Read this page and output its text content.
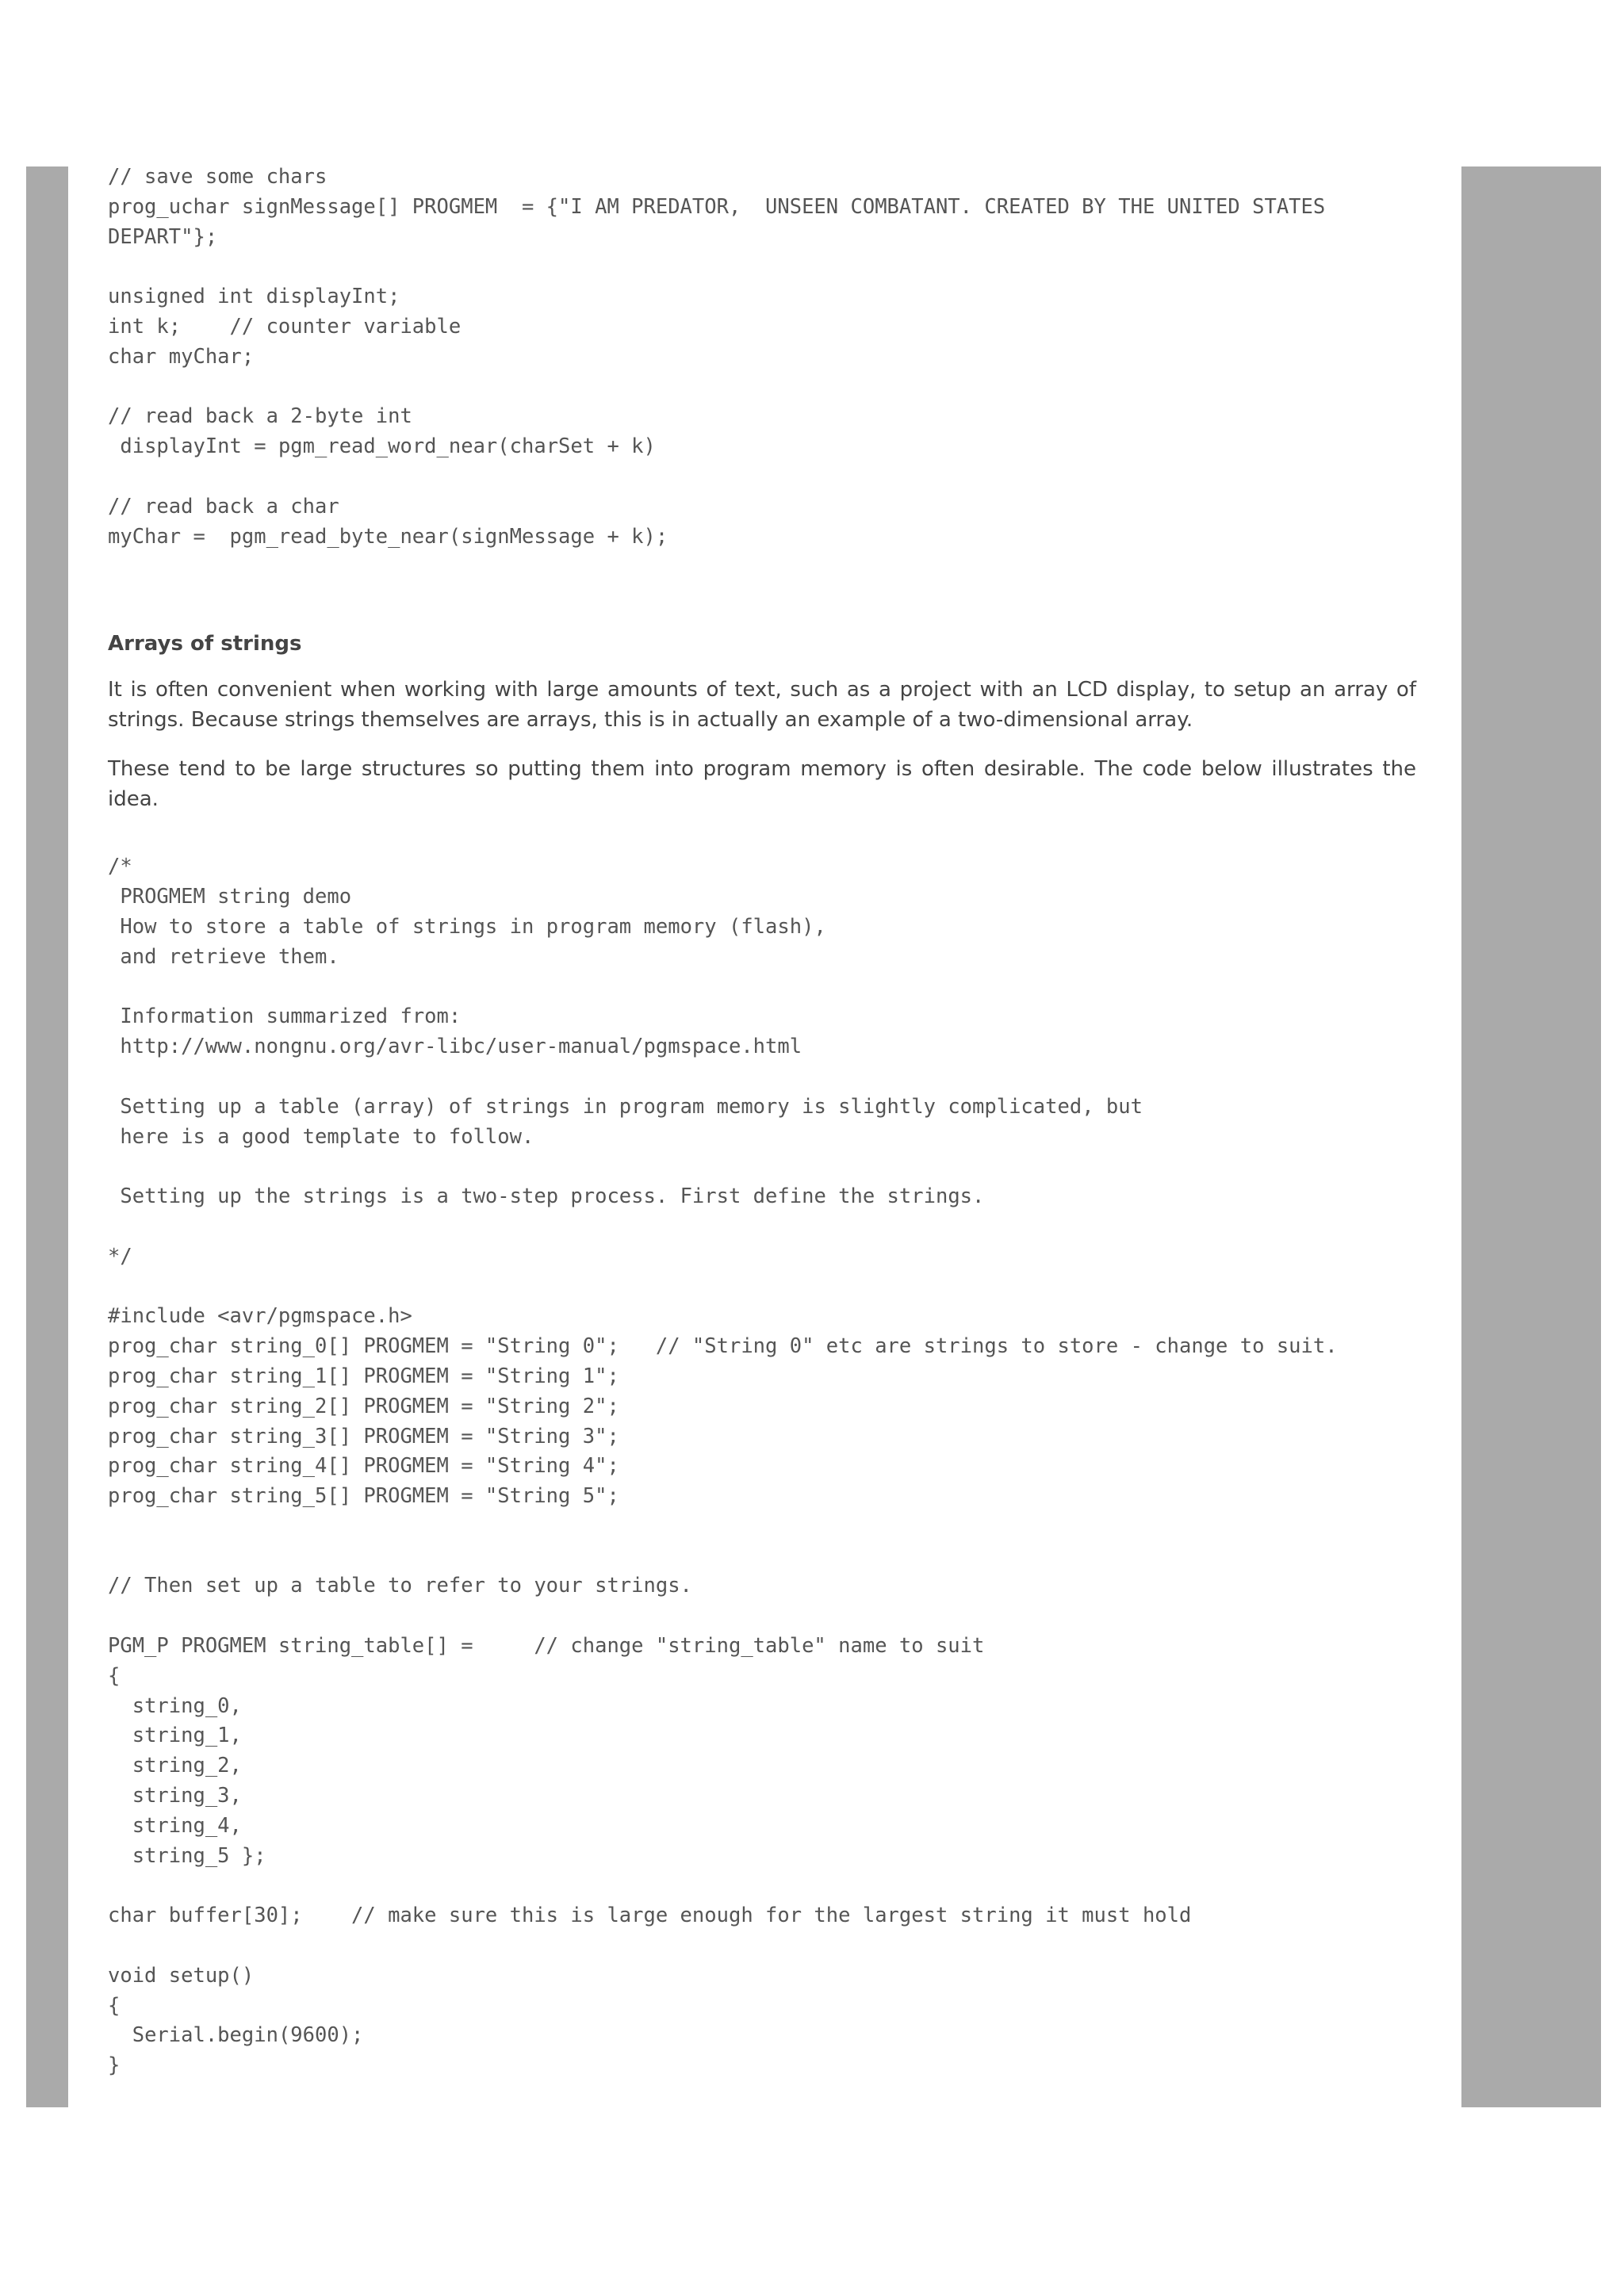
// save some chars
prog_uchar signMessage[] PROGMEM  = {"I AM PREDATOR,  UNSEEN COMBATANT. CREATED BY THE UNITED STATES DEPART"};

unsigned int displayInt;
int k;    // counter variable
char myChar;

// read back a 2-byte int
displayInt = pgm_read_word_near(charSet + k)

// read back a char
myChar =  pgm_read_byte_near(signMessage + k);
Arrays of strings

It is often convenient when working with large amounts of text, such as a project with an LCD display, to setup an array of strings. Because strings themselves are arrays, this is in actually an example of a two-dimensional array.

These tend to be large structures so putting them into program memory is often desirable. The code below illustrates the idea.

/*
PROGMEM string demo
How to store a table of strings in program memory (flash),
and retrieve them.

Information summarized from:
http://www.nongnu.org/avr-libc/user-manual/pgmspace.html

Setting up a table (array) of strings in program memory is slightly complicated, but
here is a good template to follow.

Setting up the strings is a two-step process. First define the strings.

*/

#include <avr/pgmspace.h>
prog_char string_0[] PROGMEM = "String 0";   // "String 0" etc are strings to store - change to suit.
prog_char string_1[] PROGMEM = "String 1";
prog_char string_2[] PROGMEM = "String 2";
prog_char string_3[] PROGMEM = "String 3";
prog_char string_4[] PROGMEM = "String 4";
prog_char string_5[] PROGMEM = "String 5";

// Then set up a table to refer to your strings.

PGM_P PROGMEM string_table[] =     // change "string_table" name to suit
{
string_0,
string_1,
string_2,
string_3,
string_4,
string_5 };

char buffer[30];    // make sure this is large enough for the largest string it must hold

void setup()
{
Serial.begin(9600);
}
